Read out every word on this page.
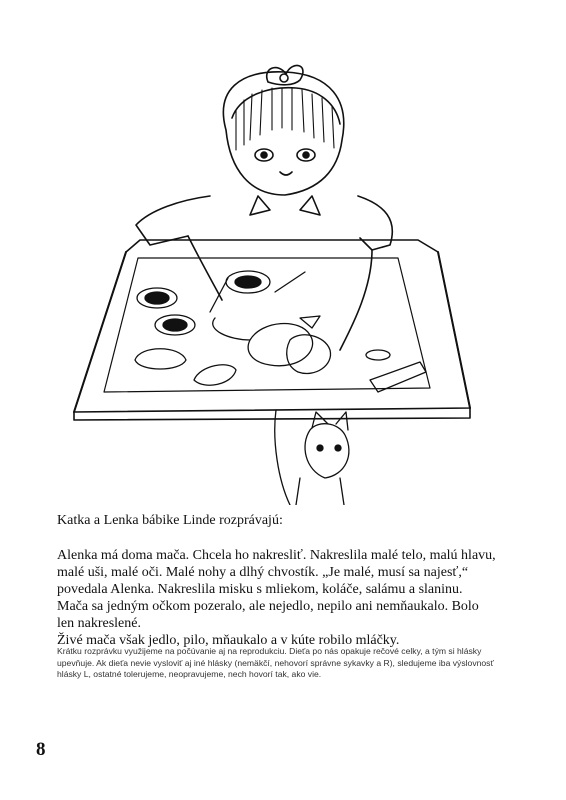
Katka a Lenka bábike Linde rozprávajú:

Alenka má doma mača. Chcela ho nakresliť. Nakreslila malé telo, malú hlavu,
malé uši, malé oči. Malé nohy a dlhý chvostík. „Je malé, musí sa najesť,“
povedala Alenka. Nakreslila misku s mliekom, koláče, salámu a slaninu.
Mača sa jedným očkom pozeralo, ale nejedlo, nepilo ani nemňaukalo. Bolo
len nakreslené.
Živé mača však jedlo, pilo, mňaukalo a v kúte robilo mláčky.

Krátku rozprávku využijeme na počúvanie aj na reprodukciu. Dieťa po nás opakuje rečové celky, a tým si hlásky upevňuje. Ak dieťa nevie vysloviť aj iné hlásky (nemäkčí, nehovorí správne sykavky a R), sledujeme iba výslovnosť hlásky L, ostatné tolerujeme, neopravujeme, nech hovorí tak, ako vie.

8
